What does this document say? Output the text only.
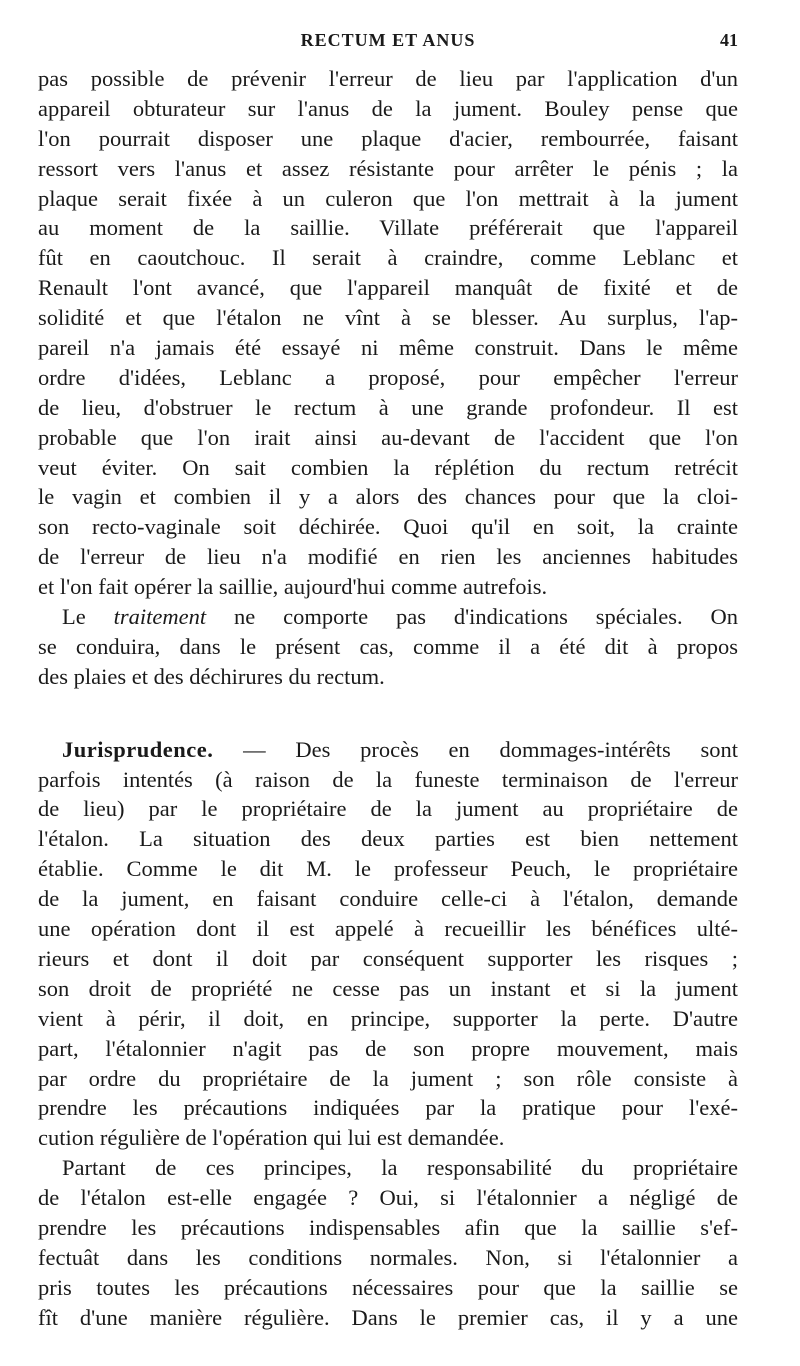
RECTUM ET ANUS	41
pas possible de prévenir l'erreur de lieu par l'application d'un
appareil obturateur sur l'anus de la jument. Bouley pense que
l'on pourrait disposer une plaque d'acier, rembourrée, faisant
ressort vers l'anus et assez résistante pour arrêter le pénis ; la
plaque serait fixée à un culeron que l'on mettrait à la jument
au moment de la saillie. Villate préférerait que l'appareil
fût en caoutchouc. Il serait à craindre, comme Leblanc et
Renault l'ont avancé, que l'appareil manquât de fixité et de
solidité et que l'étalon ne vînt à se blesser. Au surplus, l'ap-
pareil n'a jamais été essayé ni même construit. Dans le même
ordre d'idées, Leblanc a proposé, pour empêcher l'erreur
de lieu, d'obstruer le rectum à une grande profondeur. Il est
probable que l'on irait ainsi au-devant de l'accident que l'on
veut éviter. On sait combien la réplétion du rectum retrécit
le vagin et combien il y a alors des chances pour que la cloi-
son recto-vaginale soit déchirée. Quoi qu'il en soit, la crainte
de l'erreur de lieu n'a modifié en rien les anciennes habitudes
et l'on fait opérer la saillie, aujourd'hui comme autrefois.
Le traitement ne comporte pas d'indications spéciales. On
se conduira, dans le présent cas, comme il a été dit à propos
des plaies et des déchirures du rectum.
Jurisprudence. — Des procès en dommages-intérêts sont
parfois intentés (à raison de la funeste terminaison de l'erreur
de lieu) par le propriétaire de la jument au propriétaire de
l'étalon. La situation des deux parties est bien nettement
établie. Comme le dit M. le professeur Peuch, le propriétaire
de la jument, en faisant conduire celle-ci à l'étalon, demande
une opération dont il est appelé à recueillir les bénéfices ulté-
rieurs et dont il doit par conséquent supporter les risques ;
son droit de propriété ne cesse pas un instant et si la jument
vient à périr, il doit, en principe, supporter la perte. D'autre
part, l'étalonnier n'agit pas de son propre mouvement, mais
par ordre du propriétaire de la jument ; son rôle consiste à
prendre les précautions indiquées par la pratique pour l'exé-
cution régulière de l'opération qui lui est demandée.
Partant de ces principes, la responsabilité du propriétaire
de l'étalon est-elle engagée ? Oui, si l'étalonnier a négligé de
prendre les précautions indispensables afin que la saillie s'ef-
fectuât dans les conditions normales. Non, si l'étalonnier a
pris toutes les précautions nécessaires pour que la saillie se
fît d'une manière régulière. Dans le premier cas, il y a une
